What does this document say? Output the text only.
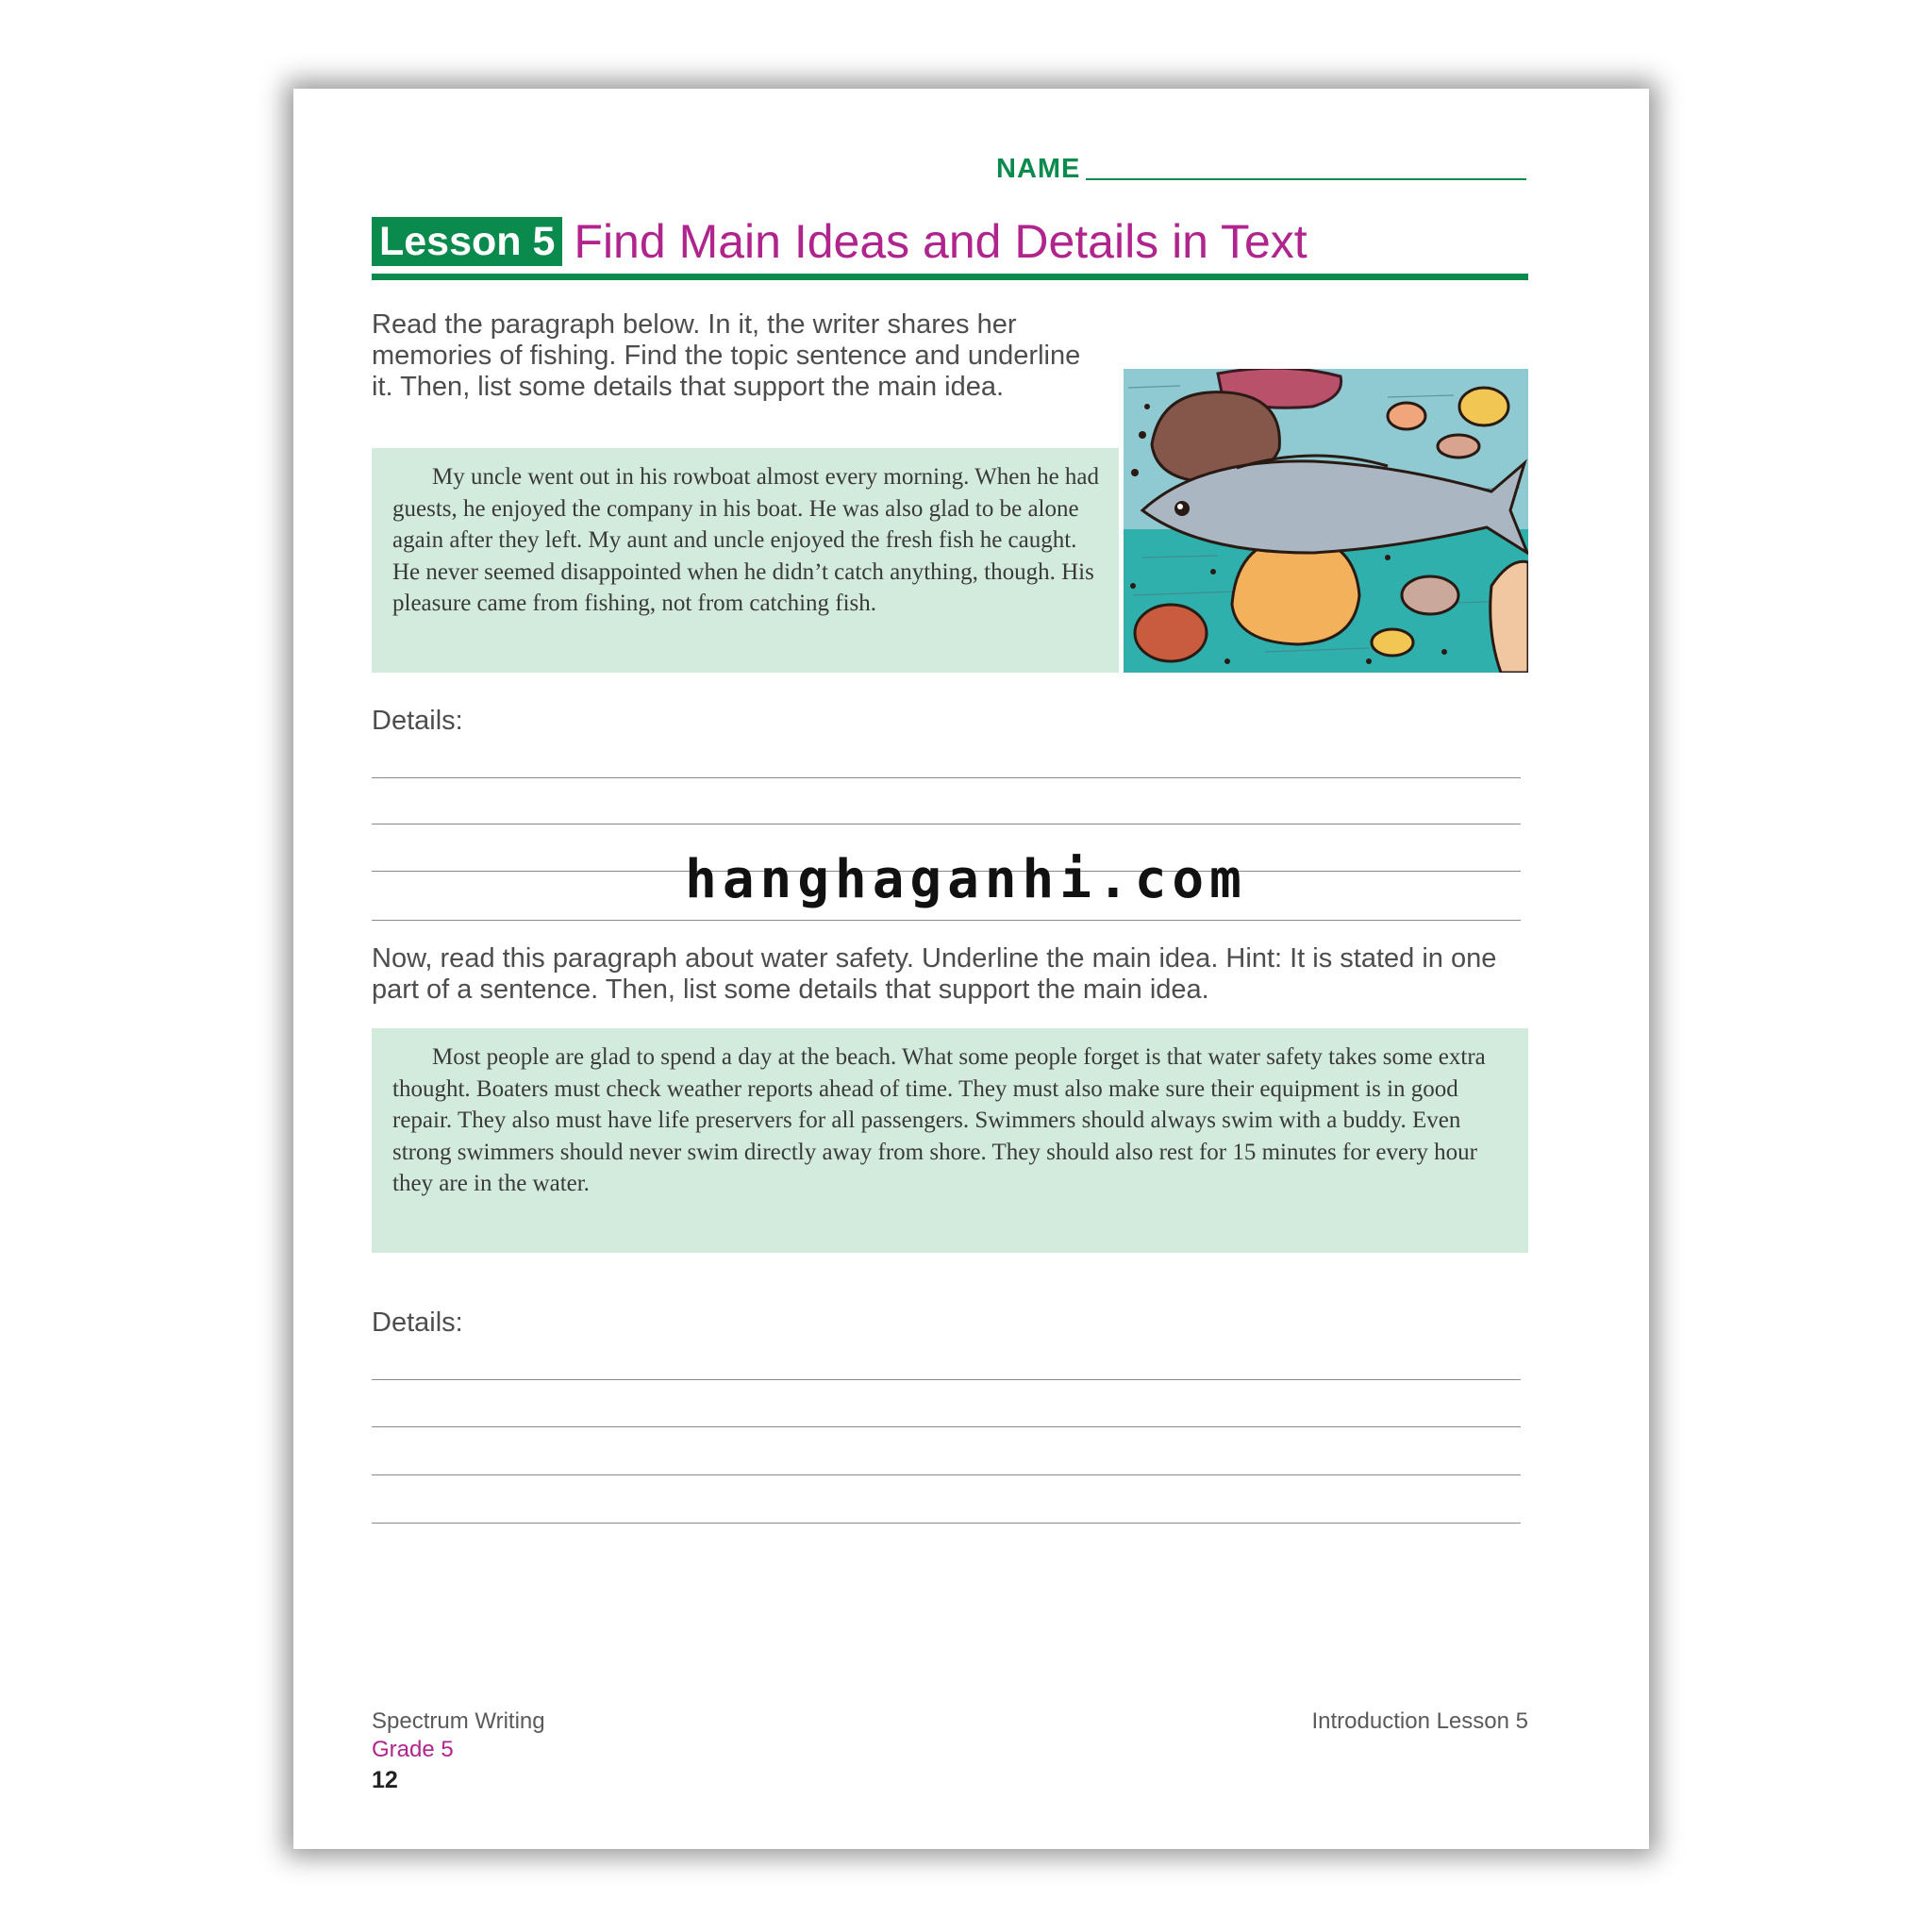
NAME
Lesson 5 Find Main Ideas and Details in Text

Read the paragraph below. In it, the writer shares her memories of fishing. Find the topic sentence and underline it. Then, list some details that support the main idea.

My uncle went out in his rowboat almost every morning. When he had guests, he enjoyed the company in his boat. He was also glad to be alone again after they left. My aunt and uncle enjoyed the fresh fish he caught. He never seemed disappointed when he didn’t catch anything, though. His pleasure came from fishing, not from catching fish.

Details:
hanghaganhi.com

Now, read this paragraph about water safety. Underline the main idea. Hint: It is stated in one part of a sentence. Then, list some details that support the main idea.

Most people are glad to spend a day at the beach. What some people forget is that water safety takes some extra thought. Boaters must check weather reports ahead of time. They must also make sure their equipment is in good repair. They also must have life preservers for all passengers. Swimmers should always swim with a buddy. Even strong swimmers should never swim directly away from shore. They should also rest for 15 minutes for every hour they are in the water.

Details:
Spectrum Writing
Grade 5
12
Introduction Lesson 5
